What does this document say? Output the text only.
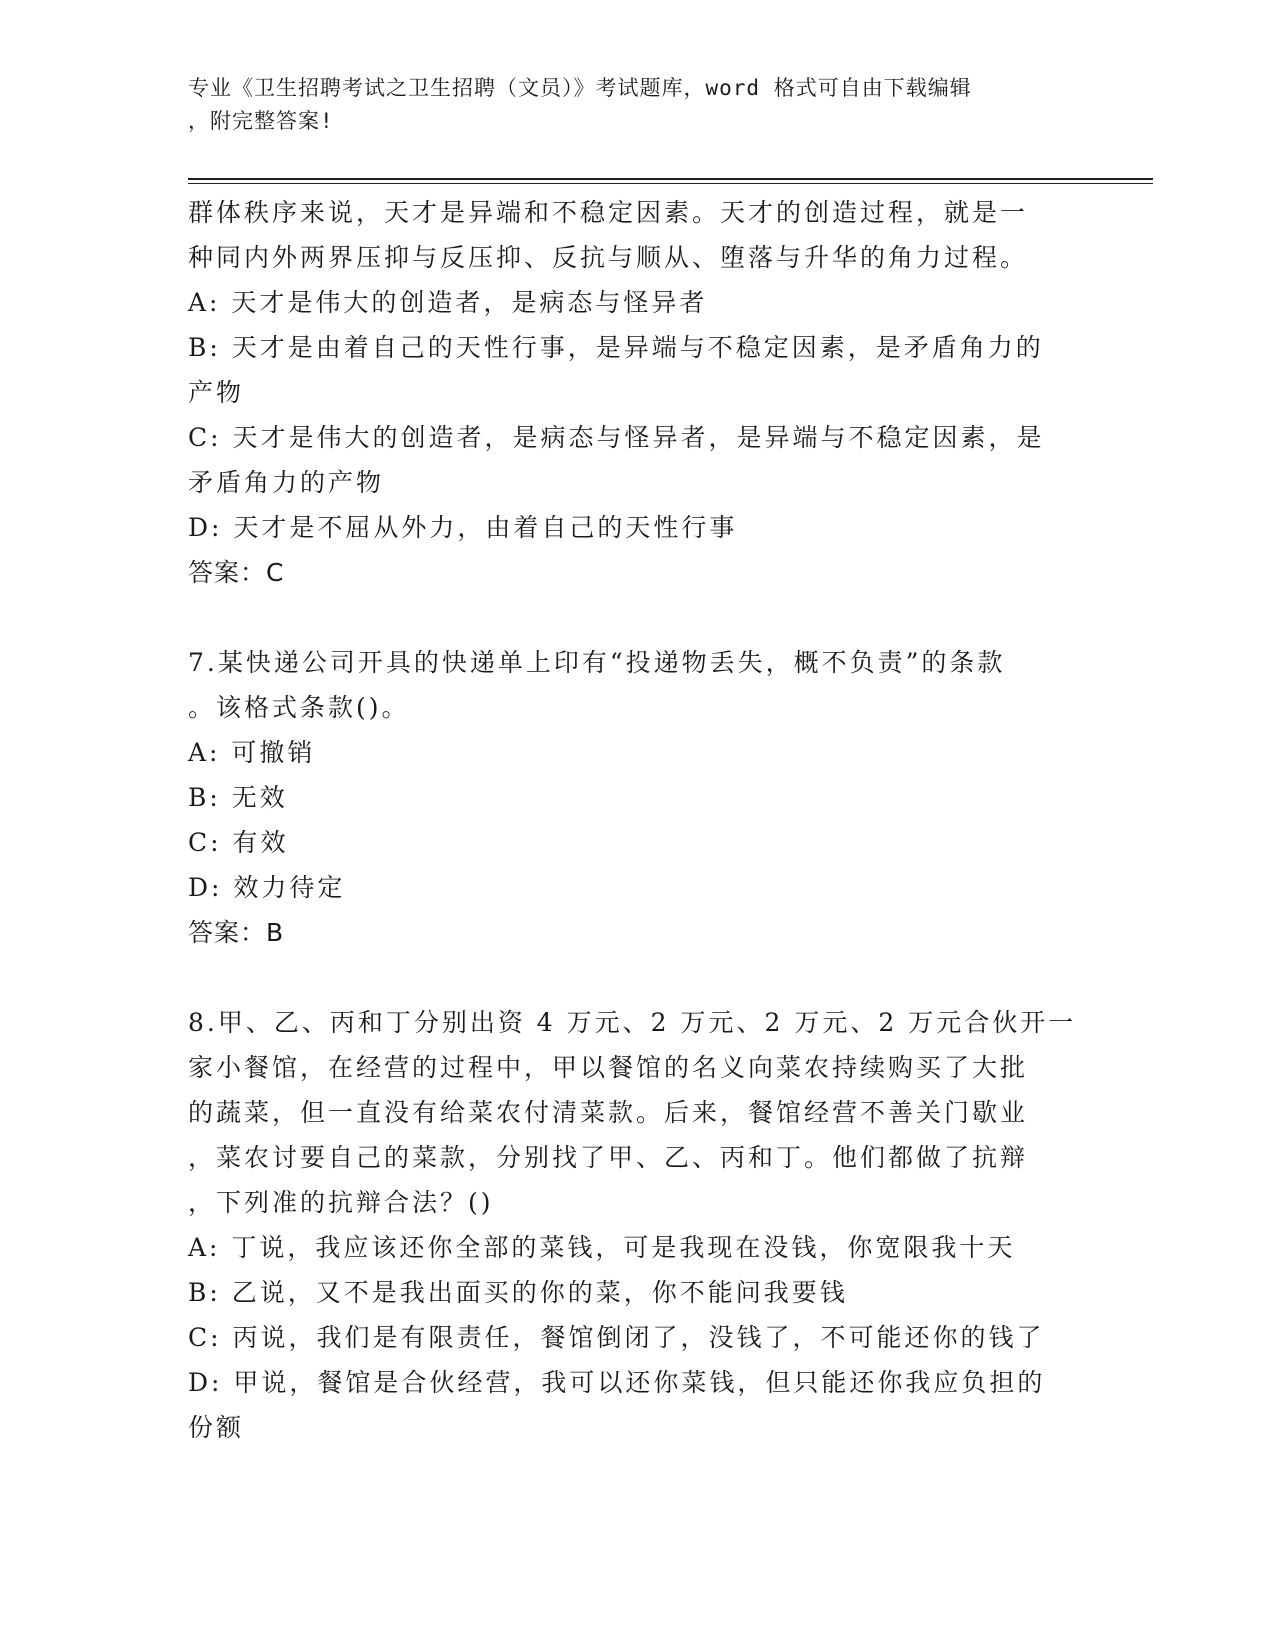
专业《卫生招聘考试之卫生招聘（文员）》考试题库，word 格式可自由下载编辑
，附完整答案!
群体秩序来说，天才是异端和不稳定因素。天才的创造过程，就是一
种同内外两界压抑与反压抑、反抗与顺从、堕落与升华的角力过程。
A: 天才是伟大的创造者，是病态与怪异者
B: 天才是由着自己的天性行事，是异端与不稳定因素，是矛盾角力的
产物
C: 天才是伟大的创造者，是病态与怪异者，是异端与不稳定因素，是
矛盾角力的产物
D: 天才是不屈从外力，由着自己的天性行事
答案：C
7.某快递公司开具的快递单上印有“投递物丢失，概不负责”的条款
。该格式条款()。
A: 可撤销
B: 无效
C: 有效
D: 效力待定
答案：B
8.甲、乙、丙和丁分别出资 4 万元、2 万元、2 万元、2 万元合伙开一
家小餐馆，在经营的过程中，甲以餐馆的名义向菜农持续购买了大批
的蔬菜，但一直没有给菜农付清菜款。后来，餐馆经营不善关门歇业
，菜农讨要自己的菜款，分别找了甲、乙、丙和丁。他们都做了抗辩
，下列准的抗辩合法？()
A: 丁说，我应该还你全部的菜钱，可是我现在没钱，你宽限我十天
B: 乙说，又不是我出面买的你的菜，你不能问我要钱
C: 丙说，我们是有限责任，餐馆倒闭了，没钱了，不可能还你的钱了
D: 甲说，餐馆是合伙经营，我可以还你菜钱，但只能还你我应负担的
份额
